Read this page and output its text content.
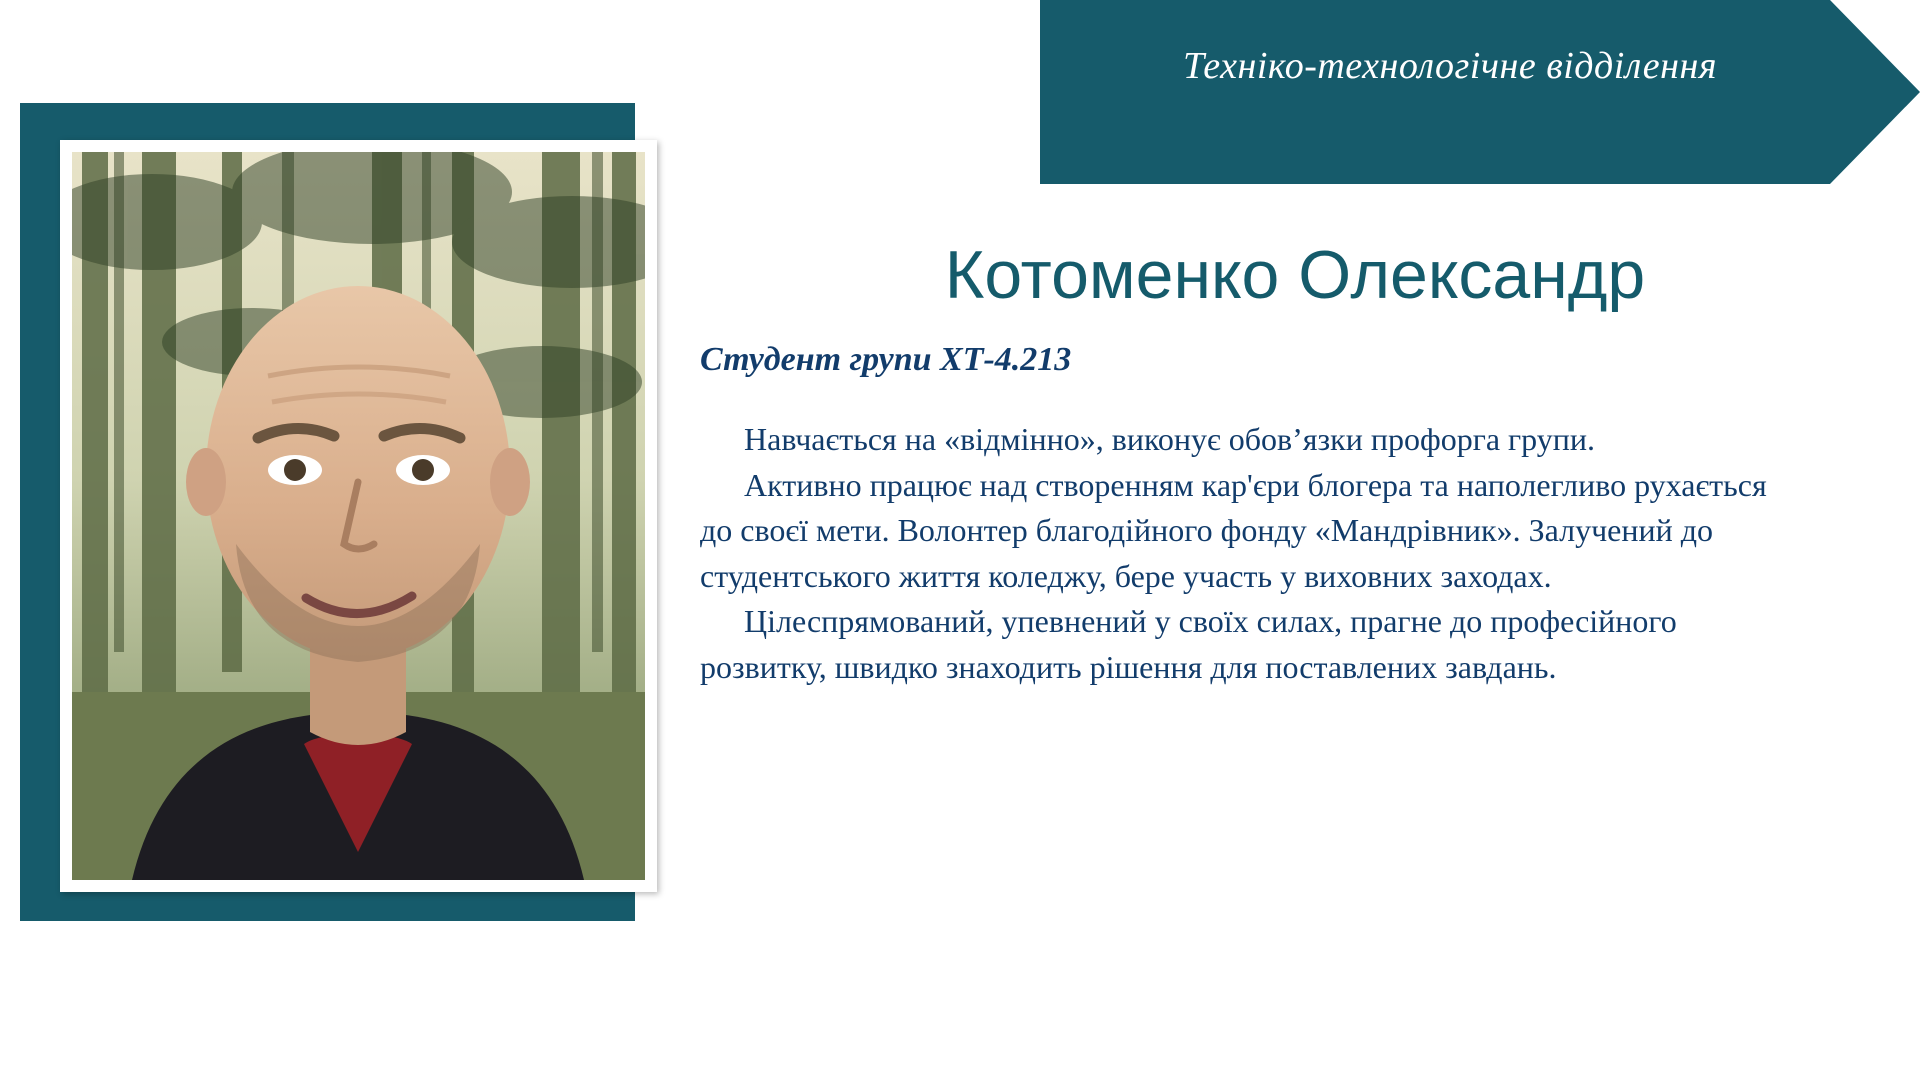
Техніко-технологічне відділення
Котоменко Олександр
Студент групи ХТ-4.213

Навчається на «відмінно», виконує обов’язки профорга групи.

Активно працює над створенням кар'єри блогера та наполегливо рухається до своєї мети. Волонтер благодійного фонду «Мандрівник». Залучений до студентського життя коледжу, бере участь у виховних заходах.

Цілеспрямований, упевнений у своїх силах, прагне до професійного розвитку, швидко знаходить рішення для поставлених завдань.
